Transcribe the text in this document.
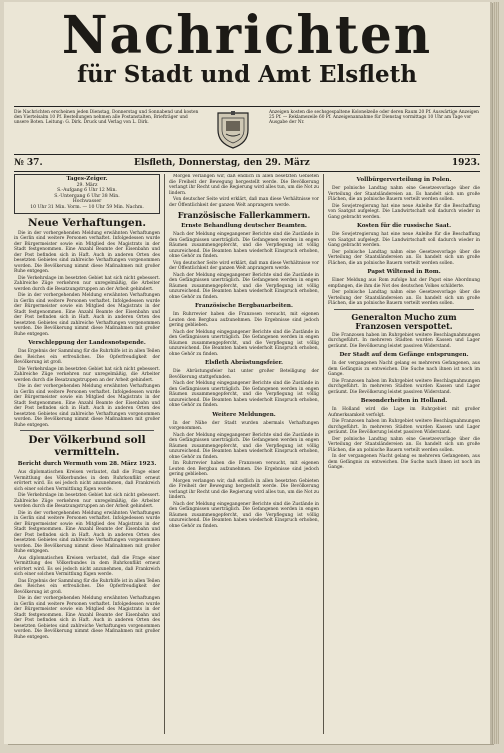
Nachrichten
für Stadt und Amt Elsfleth
Die Nachrichten erscheinen jeden Dienstag, Donnerstag und Sonnabend und kosten den Viertelsalm 10 Pf. Bestellungen nehmen alle Postanstalten, Briefträger und unsere Boten. Leitung: G. Dirk. Druck und Verlag von L. Dirk.
Anzeigen kosten die sechsgespaltene Kolonelzeile oder deren Raum 20 Pf. Auswärtige Anzeigen 25 Pf. — Reklamezeile 60 Pf. Anzeigenannahme für Dienstag vormittags 10 Uhr am Tage vor Ausgabe der Nr.
№ 37.	Elsfleth, Donnerstag, den 29. März	1923.
Tages-Zeiger.
29. März
S.-Aufgang 6 Uhr 12 Min.
S.-Untergang 6 Uhr 38 Min.
Hochwasser
10 Uhr 31 Min. Vorm. — 10 Uhr 59 Min. Nachm.
Neue Verhaftungen.

Die in der vorhergehenden Meldung erwähnten Verhaftungen in Gerlin sind weitere Personen verhaftet. Infolgedessen wurde der Bürgermeister sowie ein Mitglied des Magistrats in der Stadt festgenommen. Eine Anzahl Beamte der Eisenbahn und der Post befinden sich in Haft. Auch in anderen Orten des besetzten Gebietes sind zahlreiche Verhaftungen vorgenommen worden. Die Bevölkerung nimmt diese Maßnahmen mit großer Ruhe entgegen.

Die Verkehrslage im besetzten Gebiet hat sich nicht gebessert. Zahlreiche Züge verkehren nur unregelmäßig, die Arbeiter werden durch die Besatzungstruppen an der Arbeit gehindert.

Die in der vorhergehenden Meldung erwähnten Verhaftungen in Gerlin sind weitere Personen verhaftet. Infolgedessen wurde der Bürgermeister sowie ein Mitglied des Magistrats in der Stadt festgenommen. Eine Anzahl Beamte der Eisenbahn und der Post befinden sich in Haft. Auch in anderen Orten des besetzten Gebietes sind zahlreiche Verhaftungen vorgenommen worden. Die Bevölkerung nimmt diese Maßnahmen mit großer Ruhe entgegen.

Verschleppung der Landesnotspende.

Das Ergebnis der Sammlung für die Ruhrhilfe ist in allen Teilen des Reiches ein erfreuliches. Die Opferfreudigkeit der Bevölkerung ist groß.

Die Verkehrslage im besetzten Gebiet hat sich nicht gebessert. Zahlreiche Züge verkehren nur unregelmäßig, die Arbeiter werden durch die Besatzungstruppen an der Arbeit gehindert.

Die in der vorhergehenden Meldung erwähnten Verhaftungen in Gerlin sind weitere Personen verhaftet. Infolgedessen wurde der Bürgermeister sowie ein Mitglied des Magistrats in der Stadt festgenommen. Eine Anzahl Beamte der Eisenbahn und der Post befinden sich in Haft. Auch in anderen Orten des besetzten Gebietes sind zahlreiche Verhaftungen vorgenommen worden. Die Bevölkerung nimmt diese Maßnahmen mit großer Ruhe entgegen.

Der Völkerbund soll vermitteln.
Bericht durch Wermuth vom 28. März 1923.

Aus diplomatischen Kreisen verlautet, daß die Frage einer Vermittlung des Völkerbundes in dem Ruhrkonflikt erneut erörtert wird. Es sei jedoch nicht anzunehmen, daß Frankreich sich einer solchen Vermittlung fügen werde.

Die Verkehrslage im besetzten Gebiet hat sich nicht gebessert. Zahlreiche Züge verkehren nur unregelmäßig, die Arbeiter werden durch die Besatzungstruppen an der Arbeit gehindert.

Die in der vorhergehenden Meldung erwähnten Verhaftungen in Gerlin sind weitere Personen verhaftet. Infolgedessen wurde der Bürgermeister sowie ein Mitglied des Magistrats in der Stadt festgenommen. Eine Anzahl Beamte der Eisenbahn und der Post befinden sich in Haft. Auch in anderen Orten des besetzten Gebietes sind zahlreiche Verhaftungen vorgenommen worden. Die Bevölkerung nimmt diese Maßnahmen mit großer Ruhe entgegen.

Aus diplomatischen Kreisen verlautet, daß die Frage einer Vermittlung des Völkerbundes in dem Ruhrkonflikt erneut erörtert wird. Es sei jedoch nicht anzunehmen, daß Frankreich sich einer solchen Vermittlung fügen werde.

Das Ergebnis der Sammlung für die Ruhrhilfe ist in allen Teilen des Reiches ein erfreuliches. Die Opferfreudigkeit der Bevölkerung ist groß.

Die in der vorhergehenden Meldung erwähnten Verhaftungen in Gerlin sind weitere Personen verhaftet. Infolgedessen wurde der Bürgermeister sowie ein Mitglied des Magistrats in der Stadt festgenommen. Eine Anzahl Beamte der Eisenbahn und der Post befinden sich in Haft. Auch in anderen Orten des besetzten Gebietes sind zahlreiche Verhaftungen vorgenommen worden. Die Bevölkerung nimmt diese Maßnahmen mit großer Ruhe entgegen.

Morgen verlangen wir, daß endlich in allen besetzten Gebieten die Freiheit der Bewegung hergestellt werde. Die Bevölkerung verlangt ihr Recht und die Regierung wird alles tun, um die Not zu lindern.

Von deutscher Seite wird erklärt, daß man diese Verhältnisse vor der Öffentlichkeit der ganzen Welt anprangern werde.

Französische Fallerkammern.
Ernste Behandlung deutscher Beamten.

Nach der Meldung eingegangener Berichte sind die Zustände in den Gefängnissen unerträglich. Die Gefangenen werden in engen Räumen zusammengepfercht, und die Verpflegung ist völlig unzureichend. Die Beamten haben wiederholt Einspruch erhoben, ohne Gehör zu finden.

Von deutscher Seite wird erklärt, daß man diese Verhältnisse vor der Öffentlichkeit der ganzen Welt anprangern werde.

Nach der Meldung eingegangener Berichte sind die Zustände in den Gefängnissen unerträglich. Die Gefangenen werden in engen Räumen zusammengepfercht, und die Verpflegung ist völlig unzureichend. Die Beamten haben wiederholt Einspruch erhoben, ohne Gehör zu finden.

Französische Bergbauarbeiten.

Im Ruhrrevier haben die Franzosen versucht, mit eigenen Leuten den Bergbau aufzunehmen. Die Ergebnisse sind jedoch gering geblieben.

Nach der Meldung eingegangener Berichte sind die Zustände in den Gefängnissen unerträglich. Die Gefangenen werden in engen Räumen zusammengepfercht, und die Verpflegung ist völlig unzureichend. Die Beamten haben wiederholt Einspruch erhoben, ohne Gehör zu finden.

Elsfleth Abrüstungsfeier.

Die Abrüstungsfeier hat unter großer Beteiligung der Bevölkerung stattgefunden.

Nach der Meldung eingegangener Berichte sind die Zustände in den Gefängnissen unerträglich. Die Gefangenen werden in engen Räumen zusammengepfercht, und die Verpflegung ist völlig unzureichend. Die Beamten haben wiederholt Einspruch erhoben, ohne Gehör zu finden.

Weitere Meldungen.

In der Nähe der Stadt wurden abermals Verhaftungen vorgenommen.

Nach der Meldung eingegangener Berichte sind die Zustände in den Gefängnissen unerträglich. Die Gefangenen werden in engen Räumen zusammengepfercht, und die Verpflegung ist völlig unzureichend. Die Beamten haben wiederholt Einspruch erhoben, ohne Gehör zu finden.

Im Ruhrrevier haben die Franzosen versucht, mit eigenen Leuten den Bergbau aufzunehmen. Die Ergebnisse sind jedoch gering geblieben.

Morgen verlangen wir, daß endlich in allen besetzten Gebieten die Freiheit der Bewegung hergestellt werde. Die Bevölkerung verlangt ihr Recht und die Regierung wird alles tun, um die Not zu lindern.

Nach der Meldung eingegangener Berichte sind die Zustände in den Gefängnissen unerträglich. Die Gefangenen werden in engen Räumen zusammengepfercht, und die Verpflegung ist völlig unzureichend. Die Beamten haben wiederholt Einspruch erhoben, ohne Gehör zu finden.

Vollbürgerverteilung in Polen.

Der polnische Landtag nahm eine Gesetzesvorlage über die Verteilung der Staatsländereien an. Es handelt sich um große Flächen, die an polnische Bauern verteilt werden sollen.

Die Sowjetregierung hat eine neue Anleihe für die Beschaffung von Saatgut aufgelegt. Die Landwirtschaft soll dadurch wieder in Gang gebracht werden.

Kosten für die russische Saat.

Die Sowjetregierung hat eine neue Anleihe für die Beschaffung von Saatgut aufgelegt. Die Landwirtschaft soll dadurch wieder in Gang gebracht werden.

Der polnische Landtag nahm eine Gesetzesvorlage über die Verteilung der Staatsländereien an. Es handelt sich um große Flächen, die an polnische Bauern verteilt werden sollen.

Papst Wiltensd in Rom.

Einer Meldung aus Rom zufolge hat der Papst eine Abordnung empfangen, die ihm die Not des deutschen Volkes schilderte.

Der polnische Landtag nahm eine Gesetzesvorlage über die Verteilung der Staatsländereien an. Es handelt sich um große Flächen, die an polnische Bauern verteilt werden sollen.

Generalton Mucho zum Franzosen verspottet.

Die Franzosen haben im Ruhrgebiet weitere Beschlagnahmungen durchgeführt. In mehreren Städten wurden Kassen und Lager geräumt. Die Bevölkerung leistet passiven Widerstand.

Der Stadt auf dem Gefänge entsprungen.

In der vergangenen Nacht gelang es mehreren Gefangenen, aus dem Gefängnis zu entweichen. Die Suche nach ihnen ist noch im Gange.

Die Franzosen haben im Ruhrgebiet weitere Beschlagnahmungen durchgeführt. In mehreren Städten wurden Kassen und Lager geräumt. Die Bevölkerung leistet passiven Widerstand.

Besonderheiten in Holland.

In Holland wird die Lage im Ruhrgebiet mit großer Aufmerksamkeit verfolgt.

Die Franzosen haben im Ruhrgebiet weitere Beschlagnahmungen durchgeführt. In mehreren Städten wurden Kassen und Lager geräumt. Die Bevölkerung leistet passiven Widerstand.

Der polnische Landtag nahm eine Gesetzesvorlage über die Verteilung der Staatsländereien an. Es handelt sich um große Flächen, die an polnische Bauern verteilt werden sollen.

In der vergangenen Nacht gelang es mehreren Gefangenen, aus dem Gefängnis zu entweichen. Die Suche nach ihnen ist noch im Gange.
